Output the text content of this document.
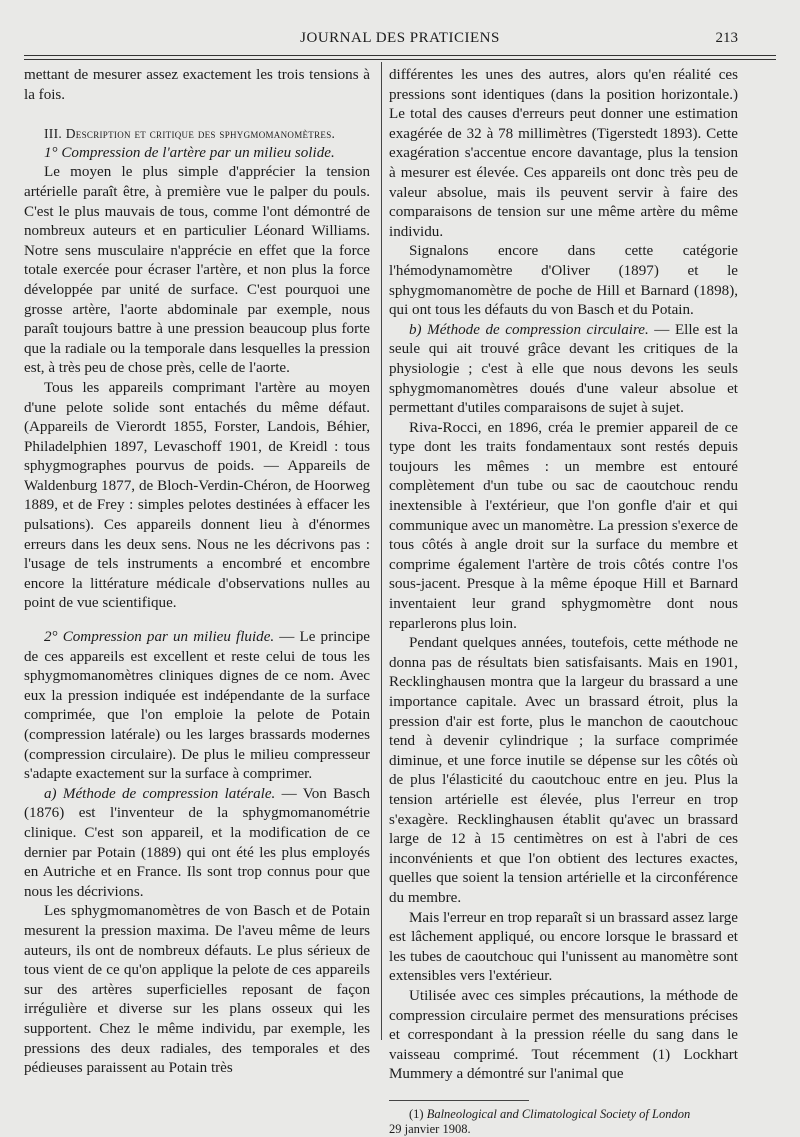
JOURNAL DES PRATICIENS	213

mettant de mesurer assez exactement les trois tensions à la fois.

III. Description et critique des sphygmomanomètres.

1° Compression de l'artère par un milieu solide.

Le moyen le plus simple d'apprécier la tension artérielle paraît être, à première vue le palper du pouls. C'est le plus mauvais de tous, comme l'ont démontré de nombreux auteurs et en particulier Léonard Williams. Notre sens musculaire n'apprécie en effet que la force totale exercée pour écraser l'artère, et non plus la force développée par unité de surface. C'est pourquoi une grosse artère, l'aorte abdominale par exemple, nous paraît toujours battre à une pression beaucoup plus forte que la radiale ou la temporale dans lesquelles la pression est, à très peu de chose près, celle de l'aorte.

Tous les appareils comprimant l'artère au moyen d'une pelote solide sont entachés du même défaut. (Appareils de Vierordt 1855, Forster, Landois, Béhier, Philadelphien 1897, Levaschoff 1901, de Kreidl : tous sphygmographes pourvus de poids. — Appareils de Waldenburg 1877, de Bloch-Verdin-Chéron, de Hoorweg 1889, et de Frey : simples pelotes destinées à effacer les pulsations). Ces appareils donnent lieu à d'énormes erreurs dans les deux sens. Nous ne les décrivons pas : l'usage de tels instruments a encombré et encombre encore la littérature médicale d'observations nulles au point de vue scientifique.

2° Compression par un milieu fluide. — Le principe de ces appareils est excellent et reste celui de tous les sphygmomanomètres cliniques dignes de ce nom. Avec eux la pression indiquée est indépendante de la surface comprimée, que l'on emploie la pelote de Potain (compression latérale) ou les larges brassards modernes (compression circulaire). De plus le milieu compresseur s'adapte exactement sur la surface à comprimer.

a) Méthode de compression latérale. — Von Basch (1876) est l'inventeur de la sphygmomanométrie clinique. C'est son appareil, et la modification de ce dernier par Potain (1889) qui ont été les plus employés en Autriche et en France. Ils sont trop connus pour que nous les décrivions.

Les sphygmomanomètres de von Basch et de Potain mesurent la pression maxima. De l'aveu même de leurs auteurs, ils ont de nombreux défauts. Le plus sérieux de tous vient de ce qu'on applique la pelote de ces appareils sur des artères superficielles reposant de façon irrégulière et diverse sur les plans osseux qui les supportent. Chez le même individu, par exemple, les pressions des deux radiales, des temporales et des pédieuses paraissent au Potain très

différentes les unes des autres, alors qu'en réalité ces pressions sont identiques (dans la position horizontale.) Le total des causes d'erreurs peut donner une estimation exagérée de 32 à 78 millimètres (Tigerstedt 1893). Cette exagération s'accentue encore davantage, plus la tension à mesurer est élevée. Ces appareils ont donc très peu de valeur absolue, mais ils peuvent servir à faire des comparaisons de tension sur une même artère du même individu.

Signalons encore dans cette catégorie l'hémodynamomètre d'Oliver (1897) et le sphygmomanomètre de poche de Hill et Barnard (1898), qui ont tous les défauts du von Basch et du Potain.

b) Méthode de compression circulaire. — Elle est la seule qui ait trouvé grâce devant les critiques de la physiologie ; c'est à elle que nous devons les seuls sphygmomanomètres doués d'une valeur absolue et permettant d'utiles comparaisons de sujet à sujet.

Riva-Rocci, en 1896, créa le premier appareil de ce type dont les traits fondamentaux sont restés depuis toujours les mêmes : un membre est entouré complètement d'un tube ou sac de caoutchouc rendu inextensible à l'extérieur, que l'on gonfle d'air et qui communique avec un manomètre. La pression s'exerce de tous côtés à angle droit sur la surface du membre et comprime également l'artère de trois côtés contre l'os sous-jacent. Presque à la même époque Hill et Barnard inventaient leur grand sphygmomètre dont nous reparlerons plus loin.

Pendant quelques années, toutefois, cette méthode ne donna pas de résultats bien satisfaisants. Mais en 1901, Recklinghausen montra que la largeur du brassard a une importance capitale. Avec un brassard étroit, plus la pression d'air est forte, plus le manchon de caoutchouc tend à devenir cylindrique ; la surface comprimée diminue, et une force inutile se dépense sur les côtés où de plus l'élasticité du caoutchouc entre en jeu. Plus la tension artérielle est élevée, plus l'erreur en trop s'exagère. Recklinghausen établit qu'avec un brassard large de 12 à 15 centimètres on est à l'abri de ces inconvénients et que l'on obtient des lectures exactes, quelles que soient la tension artérielle et la circonférence du membre.

Mais l'erreur en trop reparaît si un brassard assez large est lâchement appliqué, ou encore lorsque le brassard et les tubes de caoutchouc qui l'unissent au manomètre sont extensibles vers l'extérieur.

Utilisée avec ces simples précautions, la méthode de compression circulaire permet des mensurations précises et correspondant à la pression réelle du sang dans le vaisseau comprimé. Tout récemment (1) Lockhart Mummery a démontré sur l'animal que

(1) Balneological and Climatological Society of London
29 janvier 1908.
